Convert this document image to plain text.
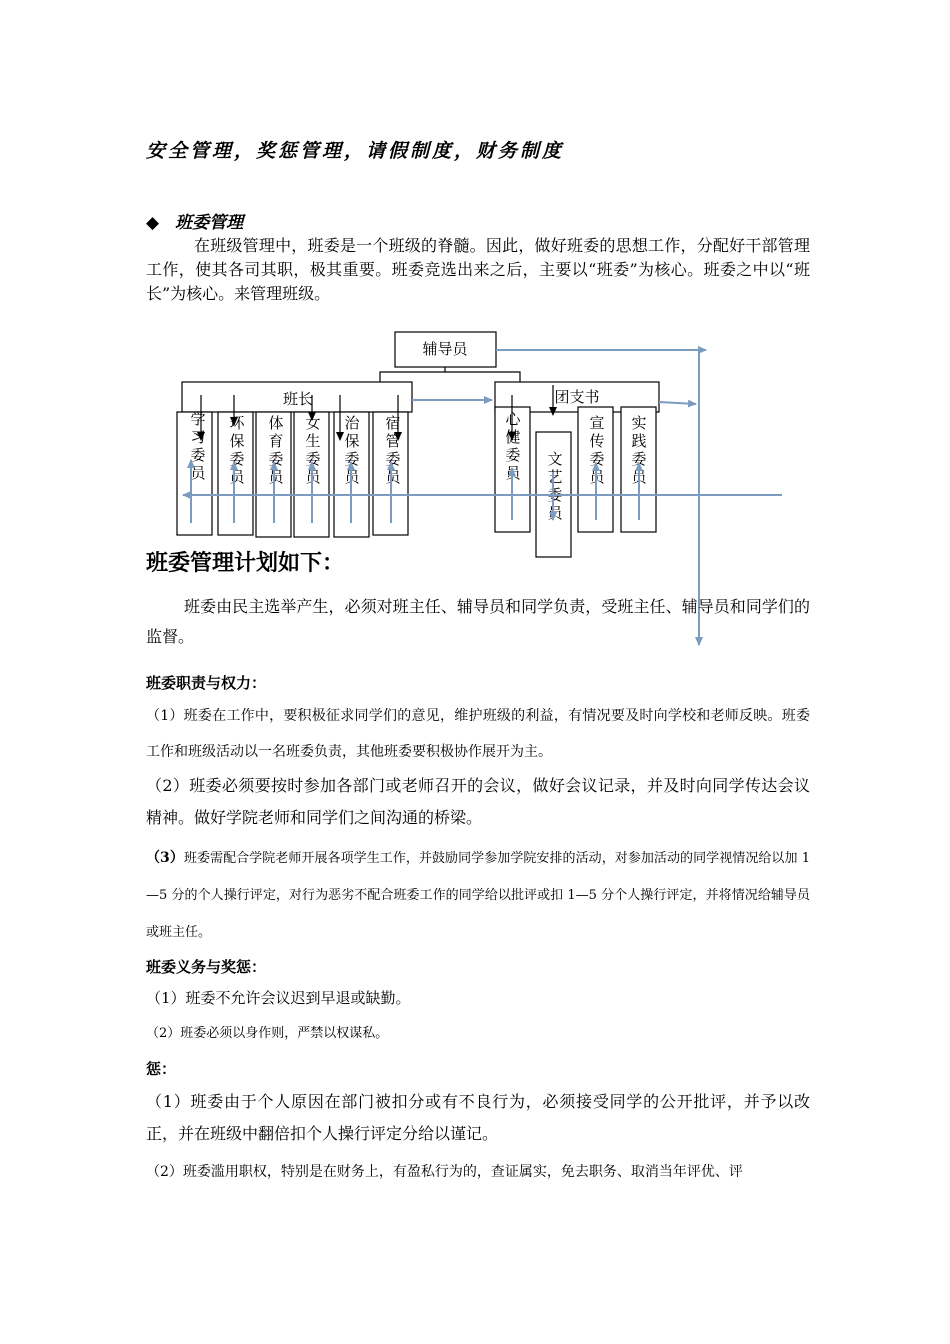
安全管理，奖惩管理，请假制度，财务制度
◆ 班委管理
在班级管理中，班委是一个班级的脊髓。因此，做好班委的思想工作，分配好干部管理工作，使其各司其职，极其重要。班委竞选出来之后，主要以“班委”为核心。班委之中以“班长”为核心。来管理班级。
辅导员
班长	团支书
学习委员
环保委员
体育委员
女生委员
治保委员
宿管委员
心健委员
文艺委员
宣传委员
实践委员
班委管理计划如下：
班委由民主选举产生，必须对班主任、辅导员和同学负责，受班主任、辅导员和同学们的监督。
班委职责与权力：
（1）班委在工作中，要积极征求同学们的意见，维护班级的利益，有情况要及时向学校和老师反映。班委工作和班级活动以一名班委负责，其他班委要积极协作展开为主。
（2）班委必须要按时参加各部门或老师召开的会议，做好会议记录，并及时向同学传达会议精神。做好学院老师和同学们之间沟通的桥梁。
（3）班委需配合学院老师开展各项学生工作，并鼓励同学参加学院安排的活动，对参加活动的同学视情况给以加 1—5 分的个人操行评定，对行为恶劣不配合班委工作的同学给以批评或扣 1—5 分个人操行评定，并将情况给辅导员或班主任。
班委义务与奖惩：
（1）班委不允许会议迟到早退或缺勤。
（2）班委必须以身作则，严禁以权谋私。
惩：
（1）班委由于个人原因在部门被扣分或有不良行为，必须接受同学的公开批评，并予以改正，并在班级中翻倍扣个人操行评定分给以谨记。
（2）班委滥用职权，特别是在财务上，有盈私行为的，查证属实，免去职务、取消当年评优、评
